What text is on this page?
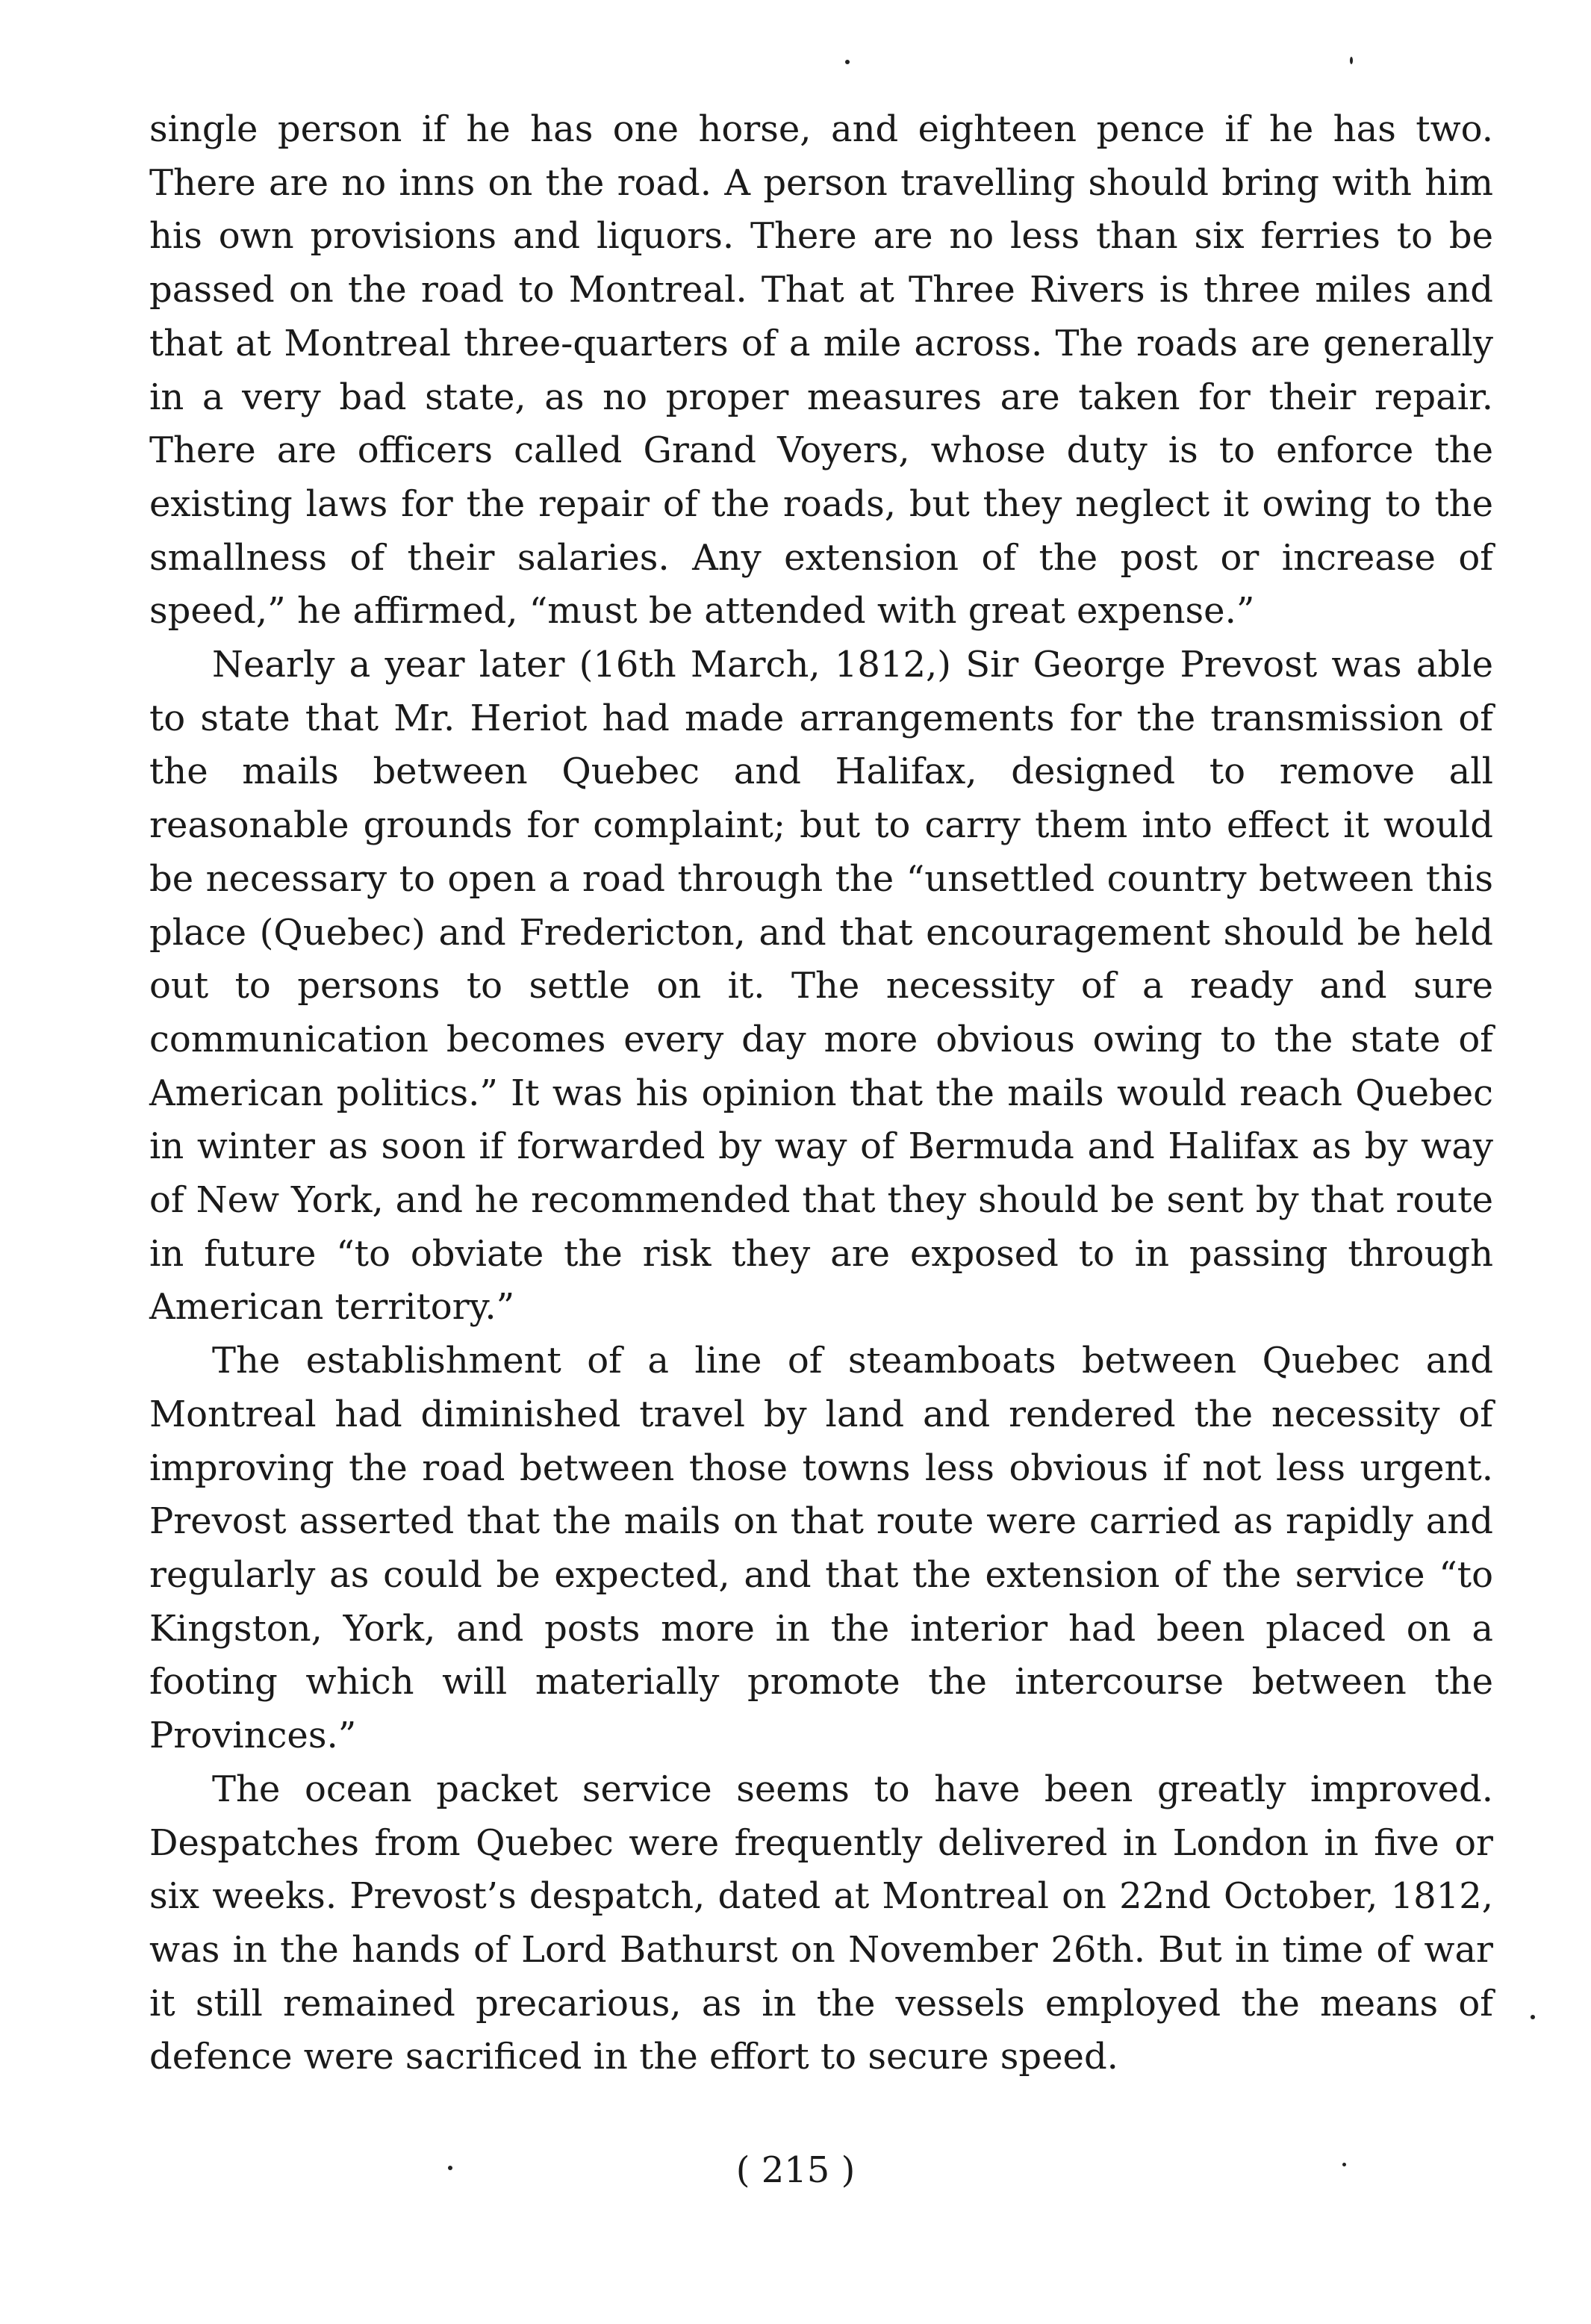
single person if he has one horse, and eighteen pence if he has two. There are no inns on the road. A person travelling should bring with him his own provisions and liquors. There are no less than six ferries to be passed on the road to Montreal. That at Three Rivers is three miles and that at Montreal three-quarters of a mile across. The roads are generally in a very bad state, as no proper measures are taken for their repair. There are officers called Grand Voyers, whose duty is to enforce the existing laws for the repair of the roads, but they neglect it owing to the smallness of their salaries. Any extension of the post or increase of speed,” he affirmed, “must be attended with great expense.”

Nearly a year later (16th March, 1812,) Sir George Prevost was able to state that Mr. Heriot had made arrangements for the transmission of the mails between Quebec and Halifax, designed to remove all reasonable grounds for complaint; but to carry them into effect it would be necessary to open a road through the “unsettled country between this place (Quebec) and Fredericton, and that encouragement should be held out to persons to settle on it. The necessity of a ready and sure communication becomes every day more obvious owing to the state of American politics.” It was his opinion that the mails would reach Quebec in winter as soon if forwarded by way of Bermuda and Halifax as by way of New York, and he recommended that they should be sent by that route in future “to obviate the risk they are exposed to in passing through American territory.”

The establishment of a line of steamboats between Quebec and Montreal had diminished travel by land and rendered the necessity of improving the road between those towns less obvious if not less urgent. Prevost asserted that the mails on that route were carried as rapidly and regularly as could be expected, and that the extension of the service “to Kingston, York, and posts more in the interior had been placed on a footing which will materially promote the intercourse between the Provinces.”

The ocean packet service seems to have been greatly improved. Despatches from Quebec were frequently delivered in London in five or six weeks. Prevost’s despatch, dated at Montreal on 22nd October, 1812, was in the hands of Lord Bathurst on November 26th. But in time of war it still remained precarious, as in the vessels employed the means of defence were sacrificed in the effort to secure speed.

( 215 )
